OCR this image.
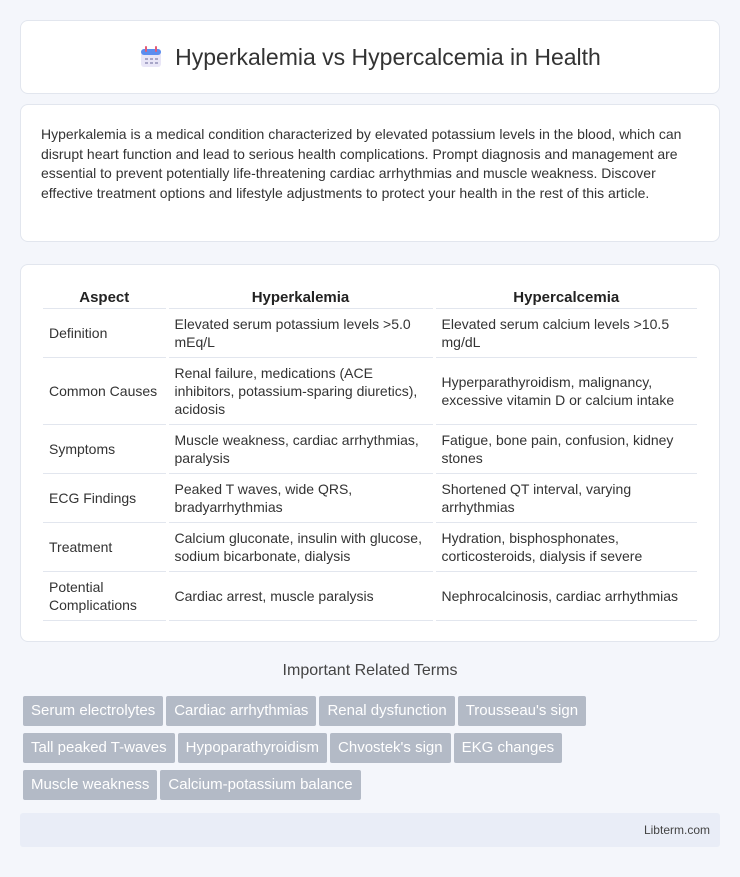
Hyperkalemia vs Hypercalcemia in Health

Hyperkalemia is a medical condition characterized by elevated potassium levels in the blood, which can disrupt heart function and lead to serious health complications. Prompt diagnosis and management are essential to prevent potentially life-threatening cardiac arrhythmias and muscle weakness. Discover effective treatment options and lifestyle adjustments to protect your health in the rest of this article.

Aspect	Hyperkalemia	Hypercalcemia
Definition	Elevated serum potassium levels >5.0 mEq/L	Elevated serum calcium levels >10.5 mg/dL
Common Causes	Renal failure, medications (ACE inhibitors, potassium-sparing diuretics), acidosis	Hyperparathyroidism, malignancy, excessive vitamin D or calcium intake
Symptoms	Muscle weakness, cardiac arrhythmias, paralysis	Fatigue, bone pain, confusion, kidney stones
ECG Findings	Peaked T waves, wide QRS, bradyarrhythmias	Shortened QT interval, varying arrhythmias
Treatment	Calcium gluconate, insulin with glucose, sodium bicarbonate, dialysis	Hydration, bisphosphonates, corticosteroids, dialysis if severe
Potential Complications	Cardiac arrest, muscle paralysis	Nephrocalcinosis, cardiac arrhythmias
Important Related Terms
Serum electrolytes Cardiac arrhythmias Renal dysfunction Trousseau's sign
Tall peaked T-waves Hypoparathyroidism Chvostek's sign EKG changes
Muscle weakness Calcium-potassium balance
Libterm.com
